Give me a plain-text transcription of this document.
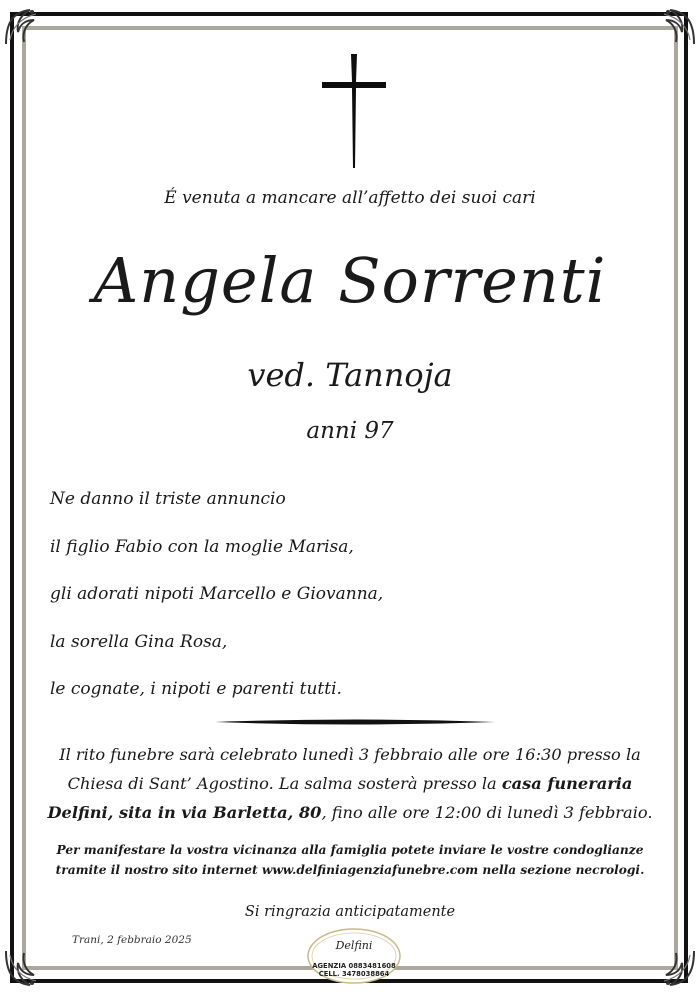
É venuta a mancare all’affetto dei suoi cari
Angela Sorrenti
ved. Tannoja
anni 97
Ne danno il triste annuncio
il figlio Fabio con la moglie Marisa,
gli adorati nipoti Marcello e Giovanna,
la sorella Gina Rosa,
le cognate, i nipoti e parenti tutti.
Il rito funebre sarà celebrato lunedì 3 febbraio alle ore 16:30 presso la Chiesa di Sant’ Agostino. La salma sosterà presso la casa funeraria Delfini, sita in via Barletta, 80, fino alle ore 12:00 di lunedì 3 febbraio.
Per manifestare la vostra vicinanza alla famiglia potete inviare le vostre condoglianze
tramite il nostro sito internet www.delfiniagenziafunebre.com nella sezione necrologi.
Si ringrazia anticipatamente
Trani, 2 febbraio 2025	Delfini
AGENZIA 0883481608
CELL. 3478038864
